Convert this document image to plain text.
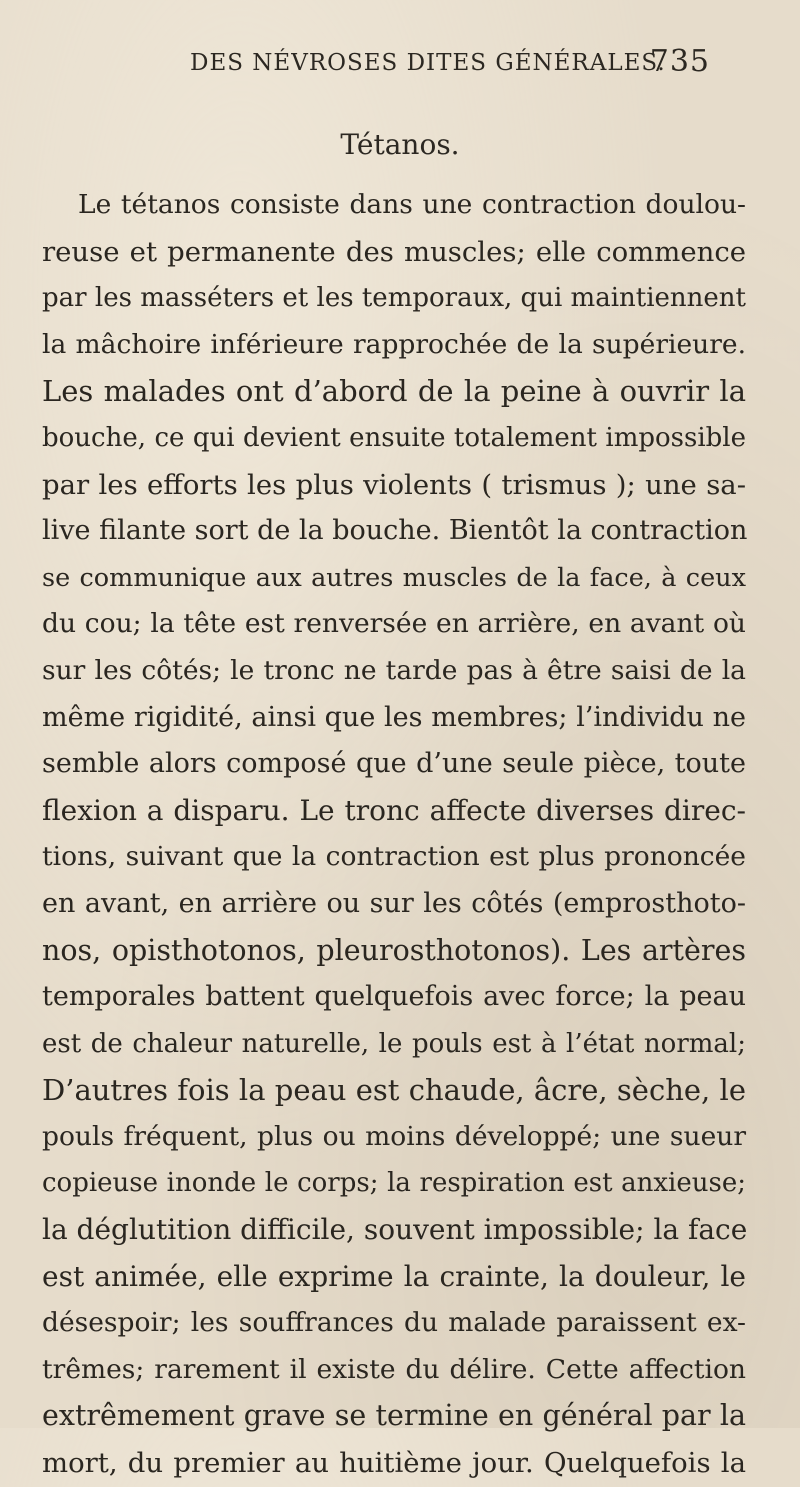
DES NÉVROSES DITES GÉNÉRALES.
735
Tétanos.
Le tétanos consiste dans une contraction doulou-
reuse et permanente des muscles; elle commence
par les masséters et les temporaux, qui maintiennent
la mâchoire inférieure rapprochée de la supérieure.
Les malades ont d’abord de la peine à ouvrir la
bouche, ce qui devient ensuite totalement impossible
par les efforts les plus violents ( trismus ); une sa-
live filante sort de la bouche. Bientôt la contraction
se communique aux autres muscles de la face, à ceux
du cou; la tête est renversée en arrière, en avant où
sur les côtés; le tronc ne tarde pas à être saisi de la
même rigidité, ainsi que les membres; l’individu ne
semble alors composé que d’une seule pièce, toute
flexion a disparu. Le tronc affecte diverses direc-
tions, suivant que la contraction est plus prononcée
en avant, en arrière ou sur les côtés (emprosthoto-
nos, opisthotonos, pleurosthotonos). Les artères
temporales battent quelquefois avec force; la peau
est de chaleur naturelle, le pouls est à l’état normal;
D’autres fois la peau est chaude, âcre, sèche, le
pouls fréquent, plus ou moins développé; une sueur
copieuse inonde le corps; la respiration est anxieuse;
la déglutition difficile, souvent impossible; la face
est animée, elle exprime la crainte, la douleur, le
désespoir; les souffrances du malade paraissent ex-
trêmes; rarement il existe du délire. Cette affection
extrêmement grave se termine en général par la
mort, du premier au huitième jour. Quelquefois la
